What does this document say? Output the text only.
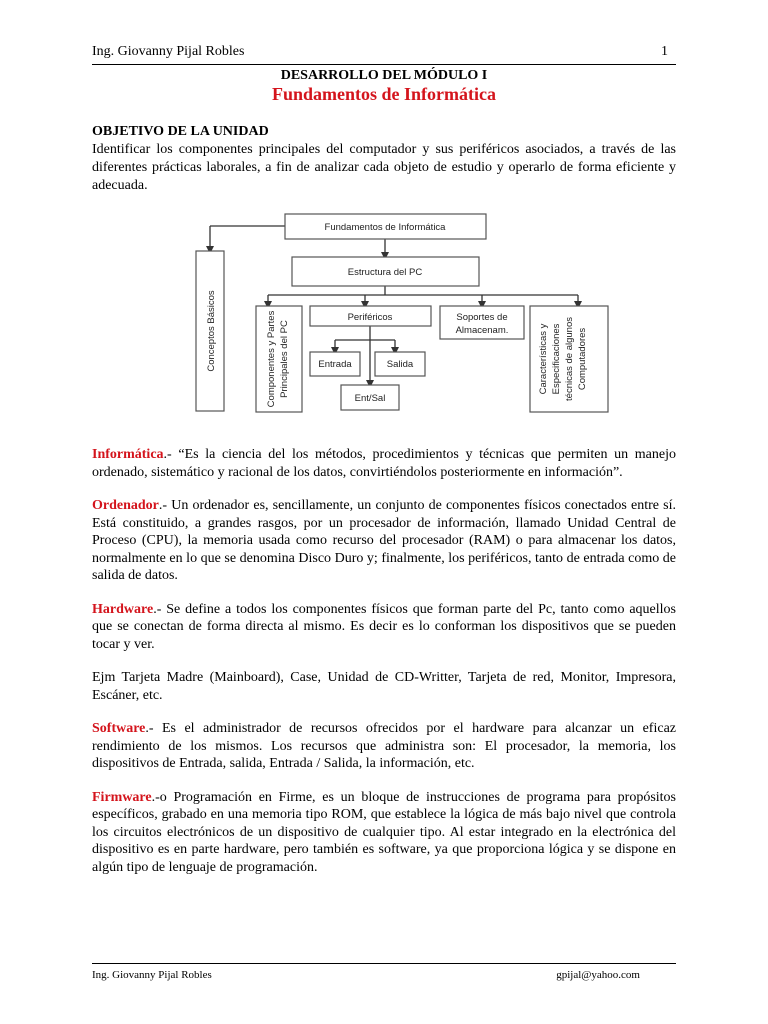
Ing. Giovanny Pijal Robles	1
DESARROLLO DEL MÓDULO I
Fundamentos de Informática

OBJETIVO DE LA UNIDAD

Identificar los componentes principales del computador y sus periféricos asociados, a través de las diferentes prácticas laborales, a fin de analizar cada objeto de estudio y operarlo de forma eficiente y adecuada.

Fundamentos de Informática
Estructura del PC
Periféricos	Soportes de
Almacenam.
Entrada	Salida
Ent/Sal
Conceptos Básicos	Componentes y Partes Principales del PC	Características y Especificaciones técnicas de algunos Computadores

Informática.- “Es la ciencia del los métodos, procedimientos y técnicas que permiten un manejo ordenado, sistemático y racional de los datos, convirtiéndolos posteriormente en información”.

Ordenador.- Un ordenador es, sencillamente, un conjunto de componentes físicos conectados entre sí. Está constituido, a grandes rasgos, por un procesador de información, llamado Unidad Central de Proceso (CPU), la memoria usada como recurso del procesador (RAM) o para almacenar los datos, normalmente en lo que se denomina Disco Duro y; finalmente, los periféricos, tanto de entrada como de salida de datos.

Hardware.- Se define a todos los componentes físicos que forman parte del Pc, tanto como aquellos que se conectan de forma directa al mismo. Es decir es lo conforman los dispositivos que se pueden tocar y ver.

Ejm Tarjeta Madre (Mainboard), Case, Unidad de CD-Writter, Tarjeta de red, Monitor, Impresora, Escáner, etc.

Software.- Es el administrador de recursos ofrecidos por el hardware para alcanzar un eficaz rendimiento de los mismos. Los recursos que administra son: El procesador, la memoria, los dispositivos de Entrada, salida, Entrada / Salida, la información, etc.

Firmware.-o Programación en Firme, es un bloque de instrucciones de programa para propósitos específicos, grabado en una memoria tipo ROM, que establece la lógica de más bajo nivel que controla los circuitos electrónicos de un dispositivo de cualquier tipo. Al estar integrado en la electrónica del dispositivo es en parte hardware, pero también es software, ya que proporciona lógica y se dispone en algún tipo de lenguaje de programación.

Ing. Giovanny Pijal Robles	gpijal@yahoo.com
